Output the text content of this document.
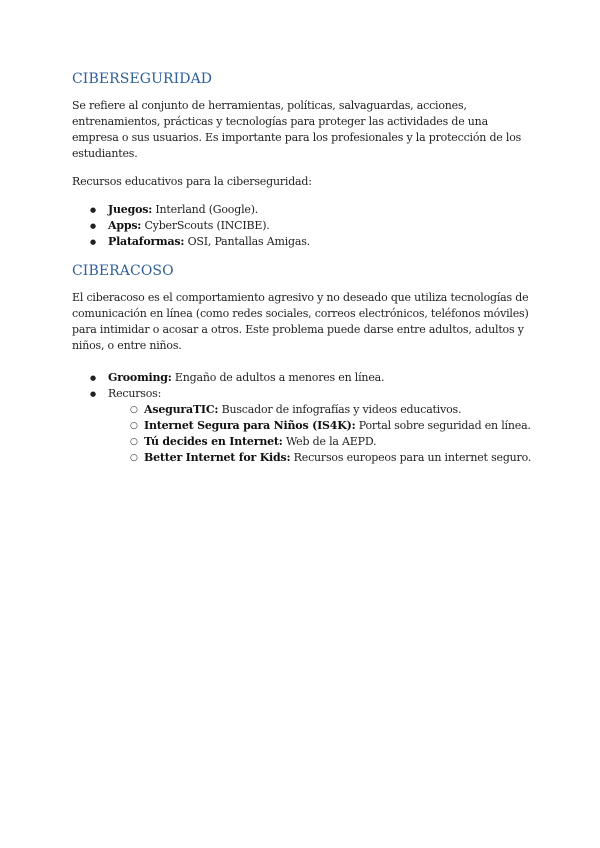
CIBERSEGURIDAD

Se refiere al conjunto de herramientas, políticas, salvaguardas, acciones, entrenamientos, prácticas y tecnologías para proteger las actividades de una empresa o sus usuarios. Es importante para los profesionales y la protección de los estudiantes.

Recursos educativos para la ciberseguridad:

● Juegos: Interland (Google).
● Apps: CyberScouts (INCIBE).
● Plataformas: OSI, Pantallas Amigas.
CIBERACOSO

El ciberacoso es el comportamiento agresivo y no deseado que utiliza tecnologías de comunicación en línea (como redes sociales, correos electrónicos, teléfonos móviles) para intimidar o acosar a otros. Este problema puede darse entre adultos, adultos y niños, o entre niños.

● Grooming: Engaño de adultos a menores en línea.
● Recursos:
○ AseguraTIC: Buscador de infografías y videos educativos.
○ Internet Segura para Niños (IS4K): Portal sobre seguridad en línea.
○ Tú decides en Internet: Web de la AEPD.
○ Better Internet for Kids: Recursos europeos para un internet seguro.
